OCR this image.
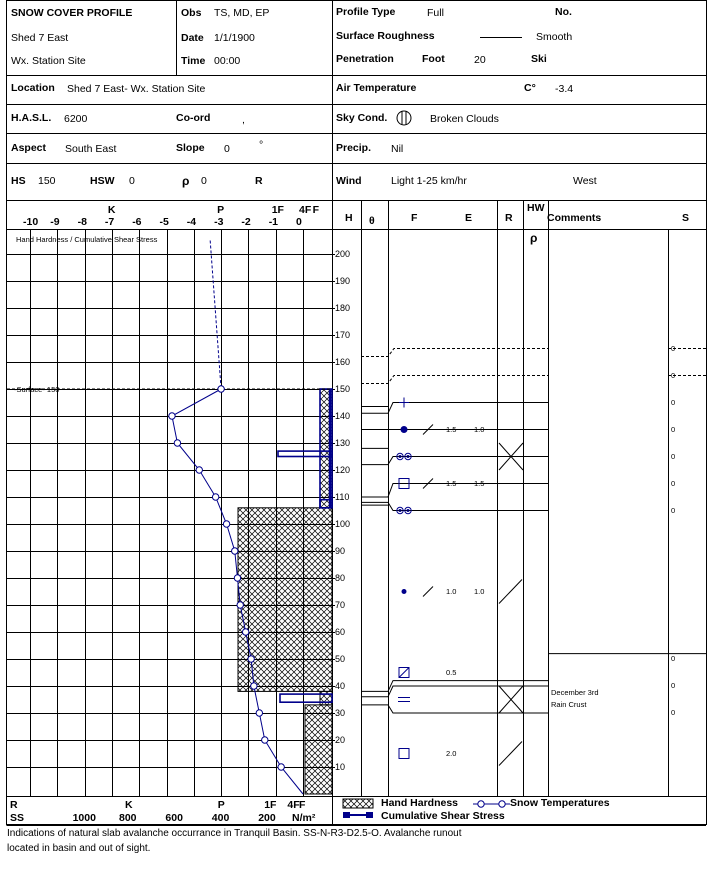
SNOW COVER PROFILE
Shed 7 East
Wx. Station Site
Obs TS, MD, EP
Date 1/1/1900
Time 00:00
Profile Type	Full	No.
Surface Roughness	Smooth
Penetration	Foot	20	Ski
Location Shed 7 East- Wx. Station Site	Air Temperature	C° -3.4
H.A.S.L. 6200	Co-ord	,	Sky Cond.	Broken Clouds
Aspect South East	Slope 0	°	Precip. Nil
HS 150	HSW 0	ρ 0	R	Wind	Light 1-25 km/hr	West
K	P	1F 4F F
-10 -9 -8 -7 -6 -5 -4 -3 -2 -1 0	H θ	F	E	R
HW
ρ
Comments	S
Hand Hardness / Cumulative Shear Stress
-Surface- 150
200
190
180
170
160
150
140
130
120
110
100
90
80
70
60
50
40
30
20
10
1.5 1.0
1.5 1.5
1.0 1.0
0.5
2.0
0
0
0
0
0
0
0
0
0
0
December 3rd
Rain Crust
R	K	P	1F 4F F
SS	1000 800	600	400	200 N/m²
Hand Hardness	Snow Temperatures
Cumulative Shear Stress
Indications of natural slab avalanche occurrance in Tranquil Basin. SS-N-R3-D2.5-O. Avalanche runout
located in basin and out of sight.
